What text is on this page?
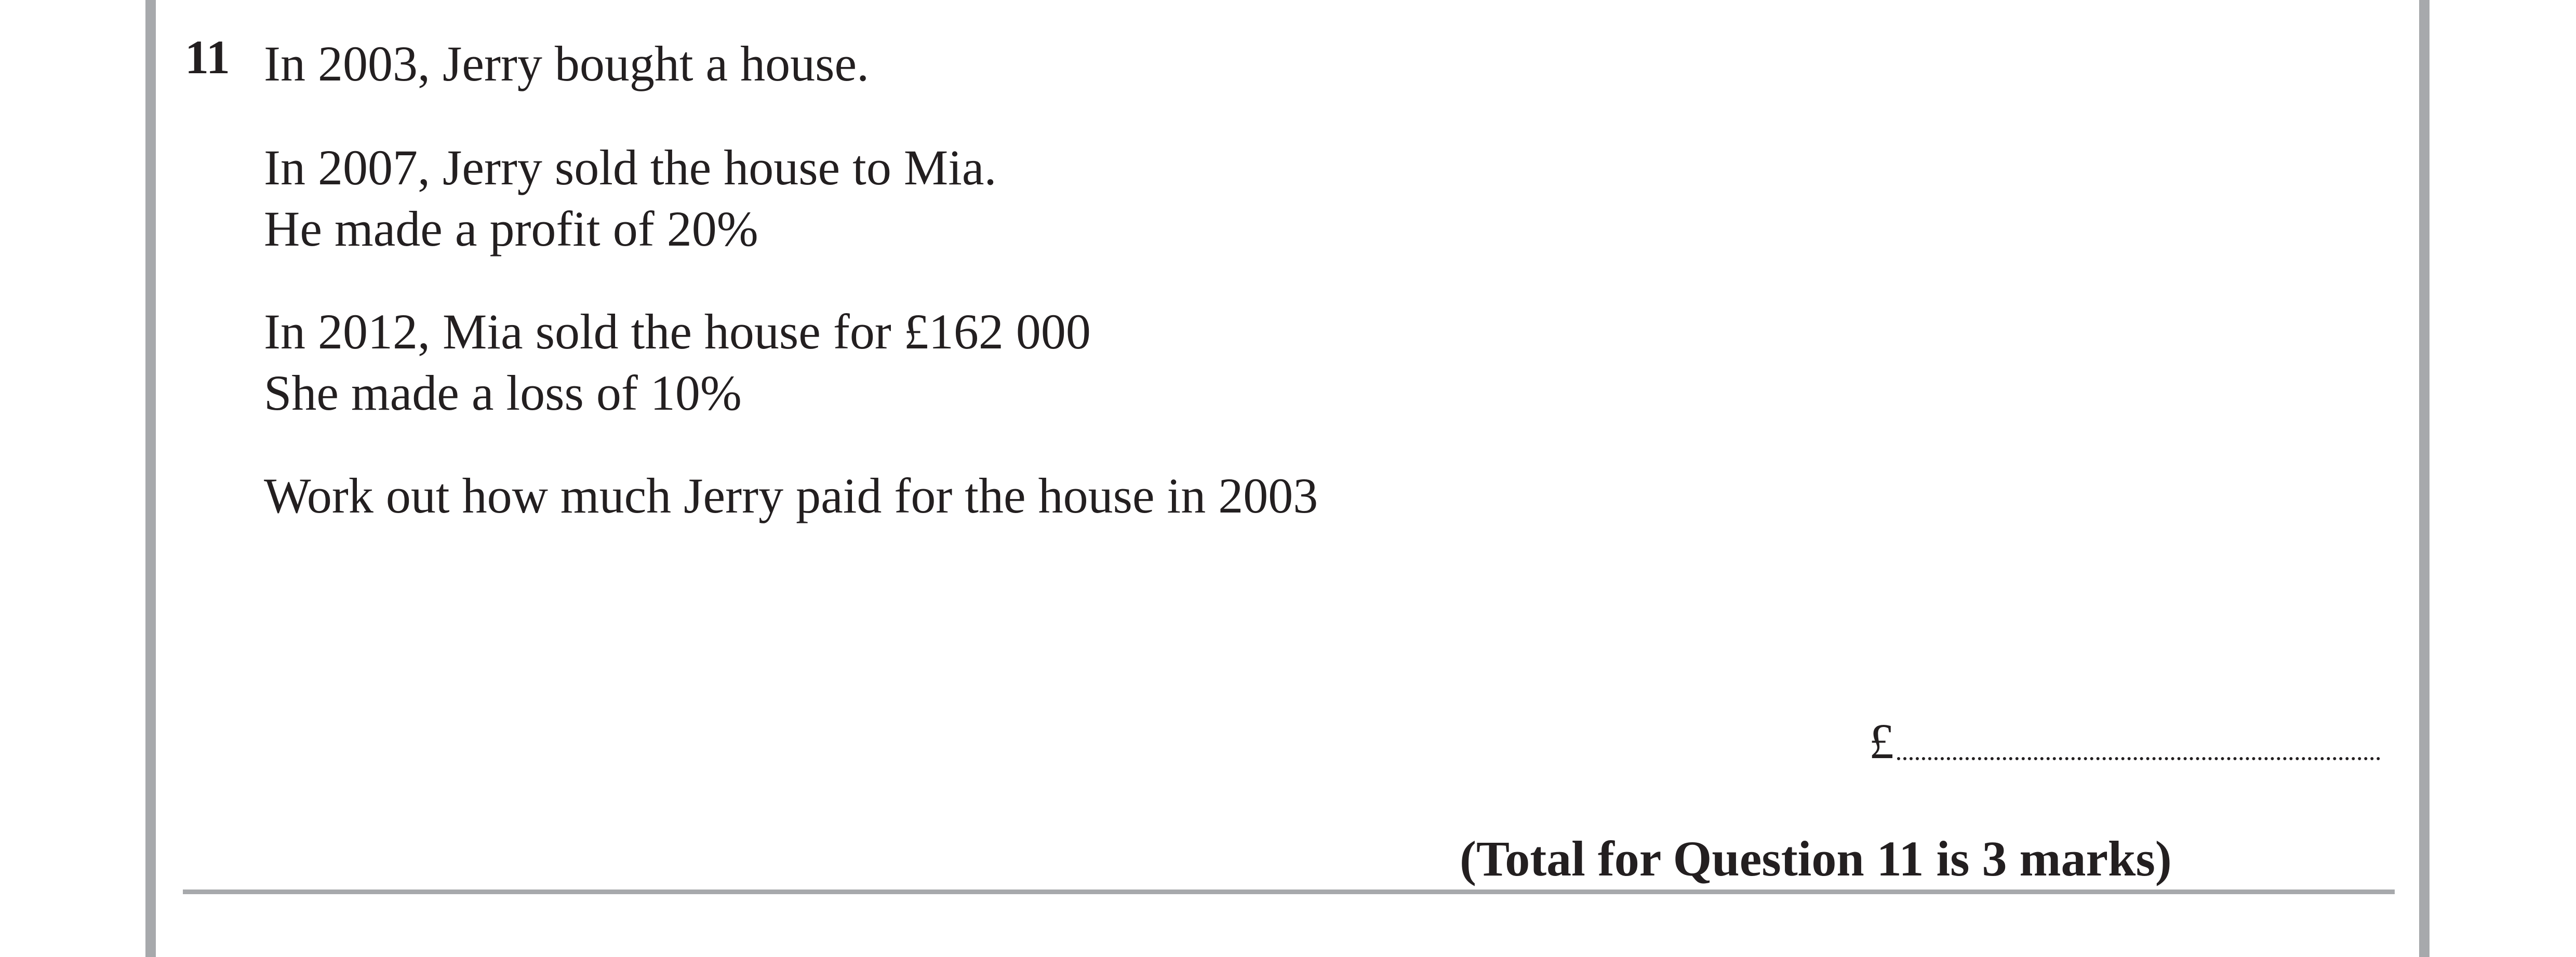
11 In 2003, Jerry bought a house.
In 2007, Jerry sold the house to Mia.
He made a profit of 20%
In 2012, Mia sold the house for £162 000
She made a loss of 10%
Work out how much Jerry paid for the house in 2003
£
(Total for Question 11 is 3 marks)
